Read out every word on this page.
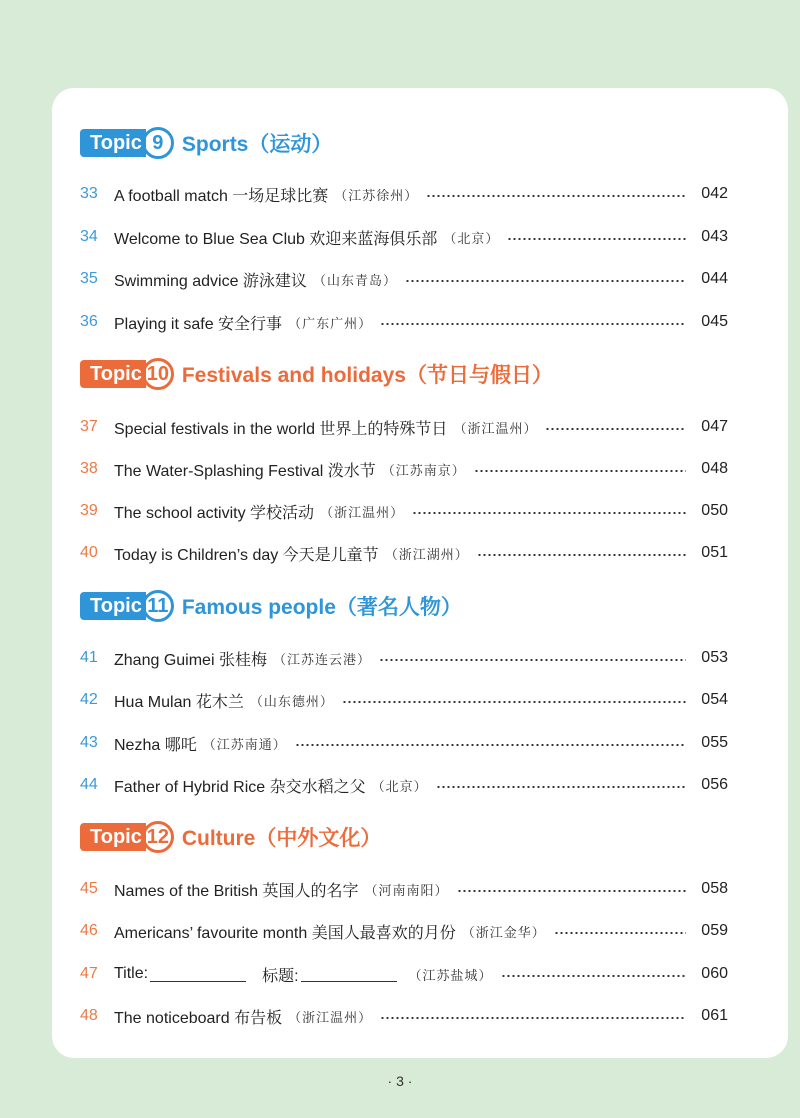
Topic 9 Sports（运动）
33	A football match 一场足球比赛 （江苏徐州）	042
34	Welcome to Blue Sea Club 欢迎来蓝海俱乐部 （北京）	043
35	Swimming advice 游泳建议 （山东青岛）	044
36	Playing it safe 安全行事 （广东广州）	045
Topic 10 Festivals and holidays（节日与假日）
37	Special festivals in the world 世界上的特殊节日 （浙江温州）	047
38	The Water-Splashing Festival 泼水节 （江苏南京）	048
39	The school activity 学校活动 （浙江温州）	050
40	Today is Children’s day 今天是儿童节 （浙江湖州）	051
Topic 11 Famous people（著名人物）
41	Zhang Guimei 张桂梅 （江苏连云港）	053
42	Hua Mulan 花木兰 （山东德州）	054
43	Nezha 哪吒 （江苏南通）	055
44	Father of Hybrid Rice 杂交水稻之父 （北京）	056
Topic 12 Culture（中外文化）
45	Names of the British 英国人的名字 （河南南阳）	058
46	Americans’ favourite month 美国人最喜欢的月份 （浙江金华）	059
47	Title:	标题:	（江苏盐城）	060
48	The noticeboard 布告板 （浙江温州）	061
· 3 ·
